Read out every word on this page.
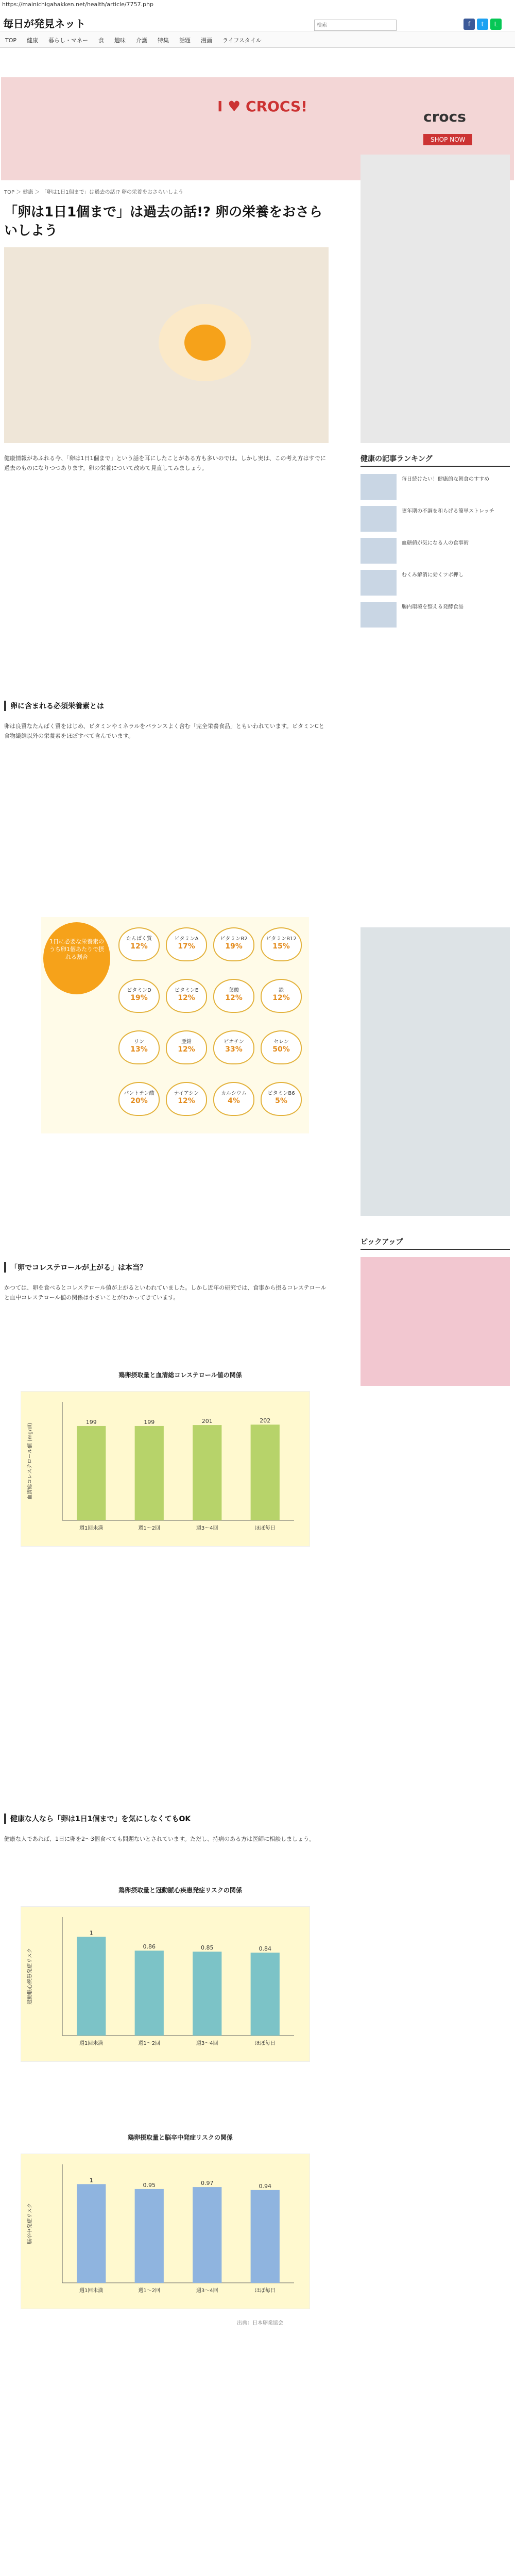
https://mainichigahakken.net/health/article/7757.php
毎日が発見ネット
検索	f	t	L
TOP 健康 暮らし・マネー 食 趣味 介護 特集 話題 漫画 ライフスタイル
I ♥ CROCS!
crocs
SHOP NOW
TOP ＞ 健康 ＞ 「卵は1日1個まで」は過去の話!? 卵の栄養をおさらいしよう
「卵は1日1個まで」は過去の話!? 卵の栄養をおさらいしよう
健康情報があふれる今、「卵は1日1個まで」という話を耳にしたことがある方も多いのでは。しかし実は、この考え方はすでに過去のものになりつつあります。卵の栄養について改めて見直してみましょう。
卵に含まれる必須栄養素とは
卵は良質なたんぱく質をはじめ、ビタミンやミネラルをバランスよく含む「完全栄養食品」ともいわれています。ビタミンCと食物繊維以外の栄養素をほぼすべて含んでいます。
1日に必要な栄養素のうち卵1個あたりで摂れる割合
たんぱく質
12%
ビタミンA
17%
ビタミンB2
19%
ビタミンB12
15%
ビタミンD
19%
ビタミンE
12%
葉酸
12%
鉄
12%
リン
13%
亜鉛
12%
ビオチン
33%
セレン
50%
パントテン酸
20%
ナイアシン
12%
カルシウム
4%
ビタミンB6
5%
「卵でコレステロールが上がる」は本当？
かつては、卵を食べるとコレステロール値が上がるといわれていました。しかし近年の研究では、食事から摂るコレステロールと血中コレステロール値の関係は小さいことがわかってきています。
鶏卵摂取量と血清総コレステロール値の関係
血清総コレステロール値 (mg/dl)
199
週1回未満
199
週1〜2回
201
週3〜4回
202
ほぼ毎日
健康な人なら「卵は1日1個まで」を気にしなくてもOK
健康な人であれば、1日に卵を2〜3個食べても問題ないとされています。ただし、持病のある方は医師に相談しましょう。
鶏卵摂取量と冠動脈心疾患発症リスクの関係
冠動脈心疾患発症リスク
1
週1回未満
0.86
週1〜2回
0.85
週3〜4回
0.84
ほぼ毎日
鶏卵摂取量と脳卒中発症リスクの関係
脳卒中発症リスク
1
週1回未満
0.95
週1〜2回
0.97
週3〜4回
0.94
ほぼ毎日
出典：日本卵業協会
健康の記事ランキング
毎日続けたい！健康的な朝食のすすめ
更年期の不調を和らげる簡単ストレッチ
血糖値が気になる人の食事術
むくみ解消に効くツボ押し
腸内環境を整える発酵食品
ピックアップ
